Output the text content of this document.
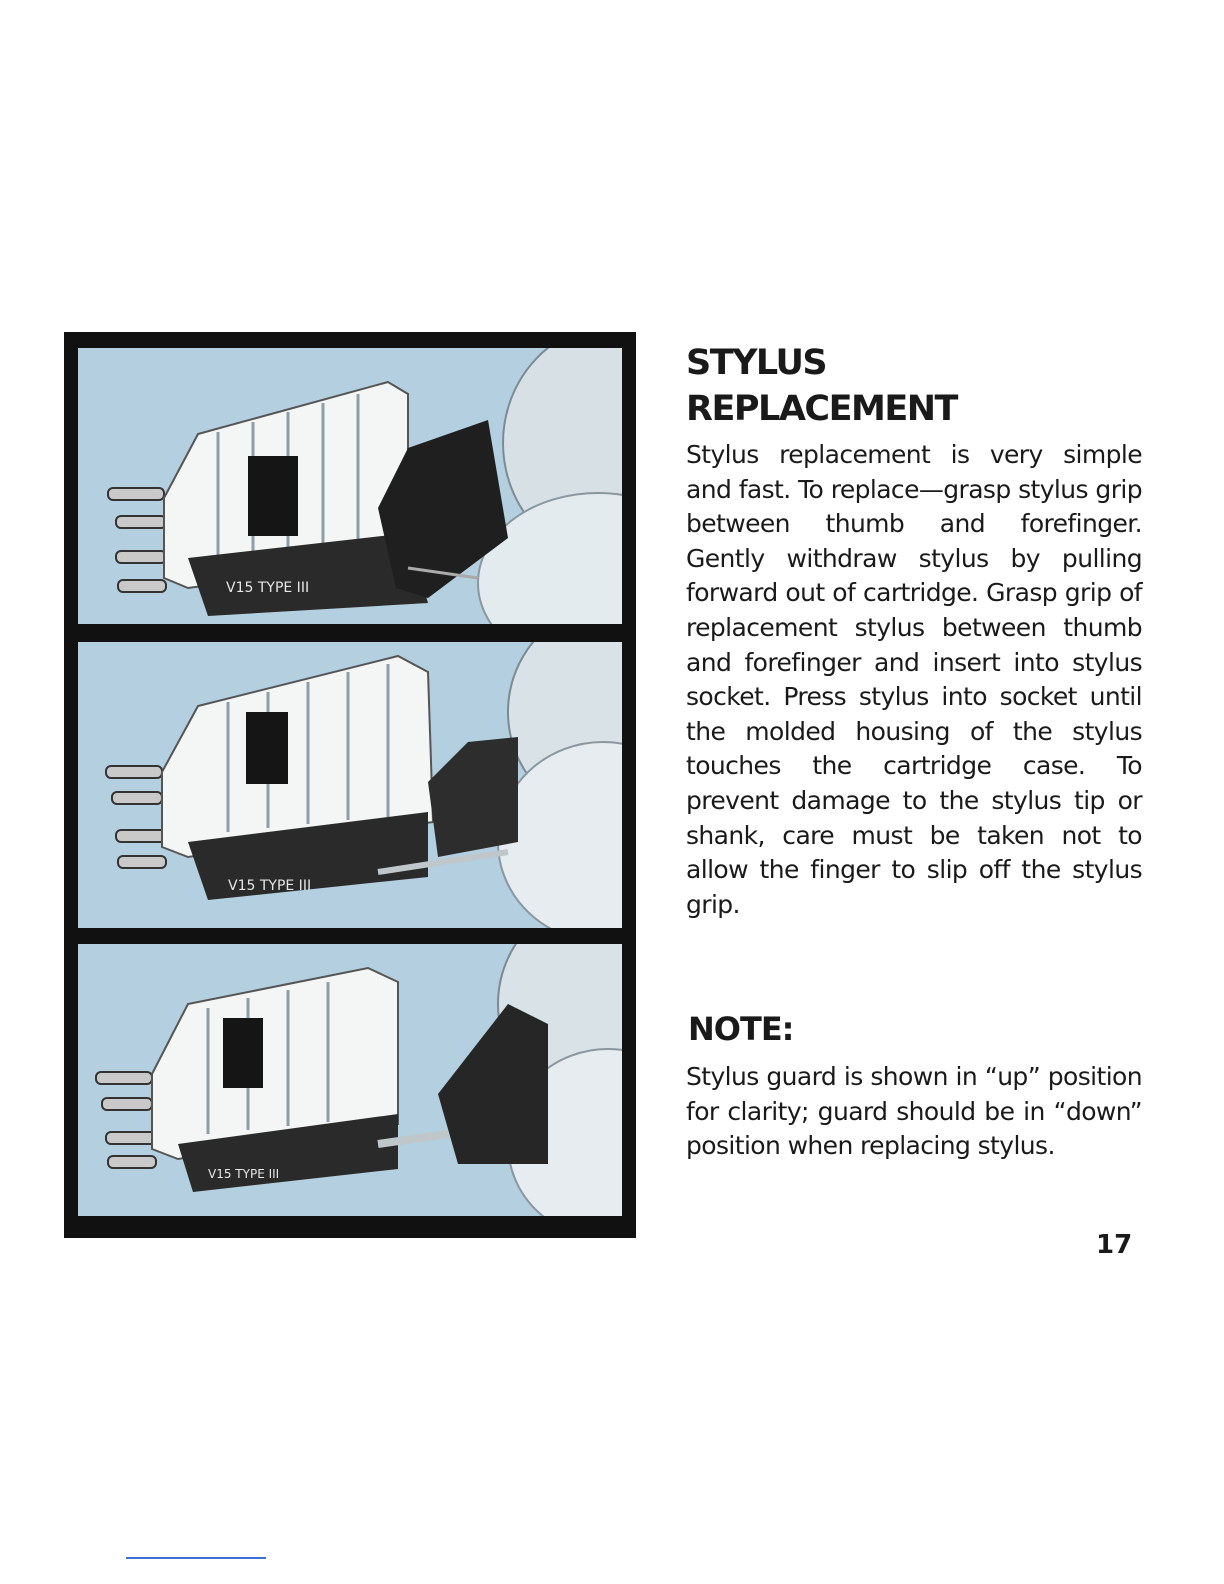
V15 TYPE III
V15 TYPE III
V15 TYPE III
STYLUS
REPLACEMENT

Stylus replacement is very simple and fast. To replace—grasp stylus grip between thumb and forefinger. Gently withdraw stylus by pulling forward out of cartridge. Grasp grip of replacement stylus between thumb and forefinger and insert into stylus socket. Press stylus into socket until the molded housing of the stylus touches the cartridge case. To prevent damage to the stylus tip or shank, care must be taken not to allow the finger to slip off the stylus grip.

NOTE:

Stylus guard is shown in “up” position for clarity; guard should be in “down” position when replacing stylus.

17
